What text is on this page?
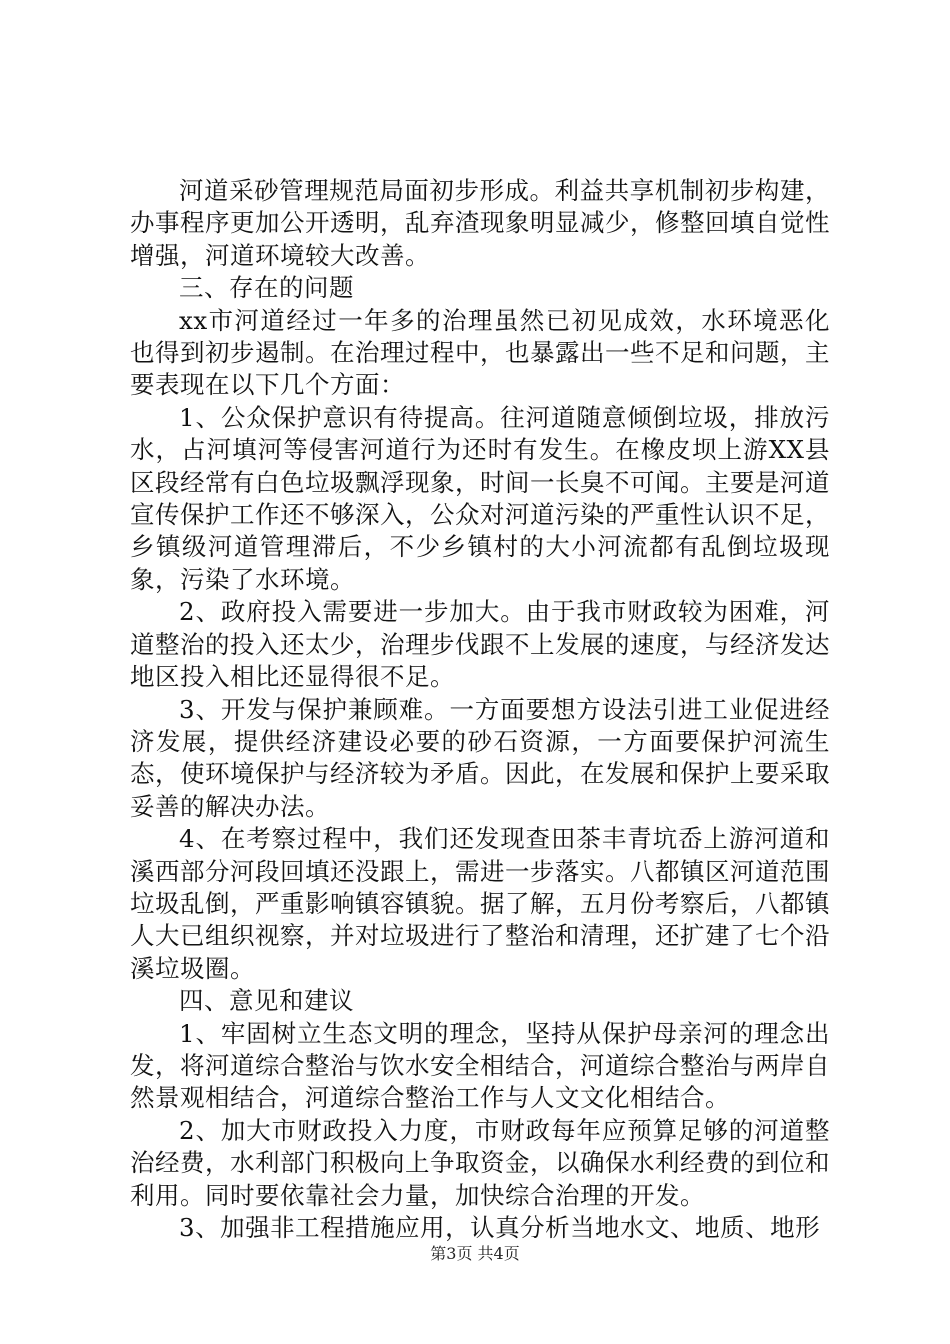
河道采砂管理规范局面初步形成。利益共享机制初步构建，办事程序更加公开透明，乱弃渣现象明显减少，修整回填自觉性增强，河道环境较大改善。

三、存在的问题

xx市河道经过一年多的治理虽然已初见成效，水环境恶化也得到初步遏制。在治理过程中，也暴露出一些不足和问题，主要表现在以下几个方面：

1、公众保护意识有待提高。往河道随意倾倒垃圾，排放污水，占河填河等侵害河道行为还时有发生。在橡皮坝上游XX县区段经常有白色垃圾飘浮现象，时间一长臭不可闻。主要是河道宣传保护工作还不够深入，公众对河道污染的严重性认识不足，乡镇级河道管理滞后，不少乡镇村的大小河流都有乱倒垃圾现象，污染了水环境。

2、政府投入需要进一步加大。由于我市财政较为困难，河道整治的投入还太少，治理步伐跟不上发展的速度，与经济发达地区投入相比还显得很不足。

3、开发与保护兼顾难。一方面要想方设法引进工业促进经济发展，提供经济建设必要的砂石资源，一方面要保护河流生态，使环境保护与经济较为矛盾。因此，在发展和保护上要采取妥善的解决办法。

4、在考察过程中，我们还发现查田茶丰青坑岙上游河道和溪西部分河段回填还没跟上，需进一步落实。八都镇区河道范围垃圾乱倒，严重影响镇容镇貌。据了解，五月份考察后，八都镇人大已组织视察，并对垃圾进行了整治和清理，还扩建了七个沿溪垃圾圈。

四、意见和建议

1、牢固树立生态文明的理念，坚持从保护母亲河的理念出发，将河道综合整治与饮水安全相结合，河道综合整治与两岸自然景观相结合，河道综合整治工作与人文文化相结合。

2、加大市财政投入力度，市财政每年应预算足够的河道整治经费，水利部门积极向上争取资金，以确保水利经费的到位和利用。同时要依靠社会力量，加快综合治理的开发。

3、加强非工程措施应用，认真分析当地水文、地质、地形

第3页 共4页
